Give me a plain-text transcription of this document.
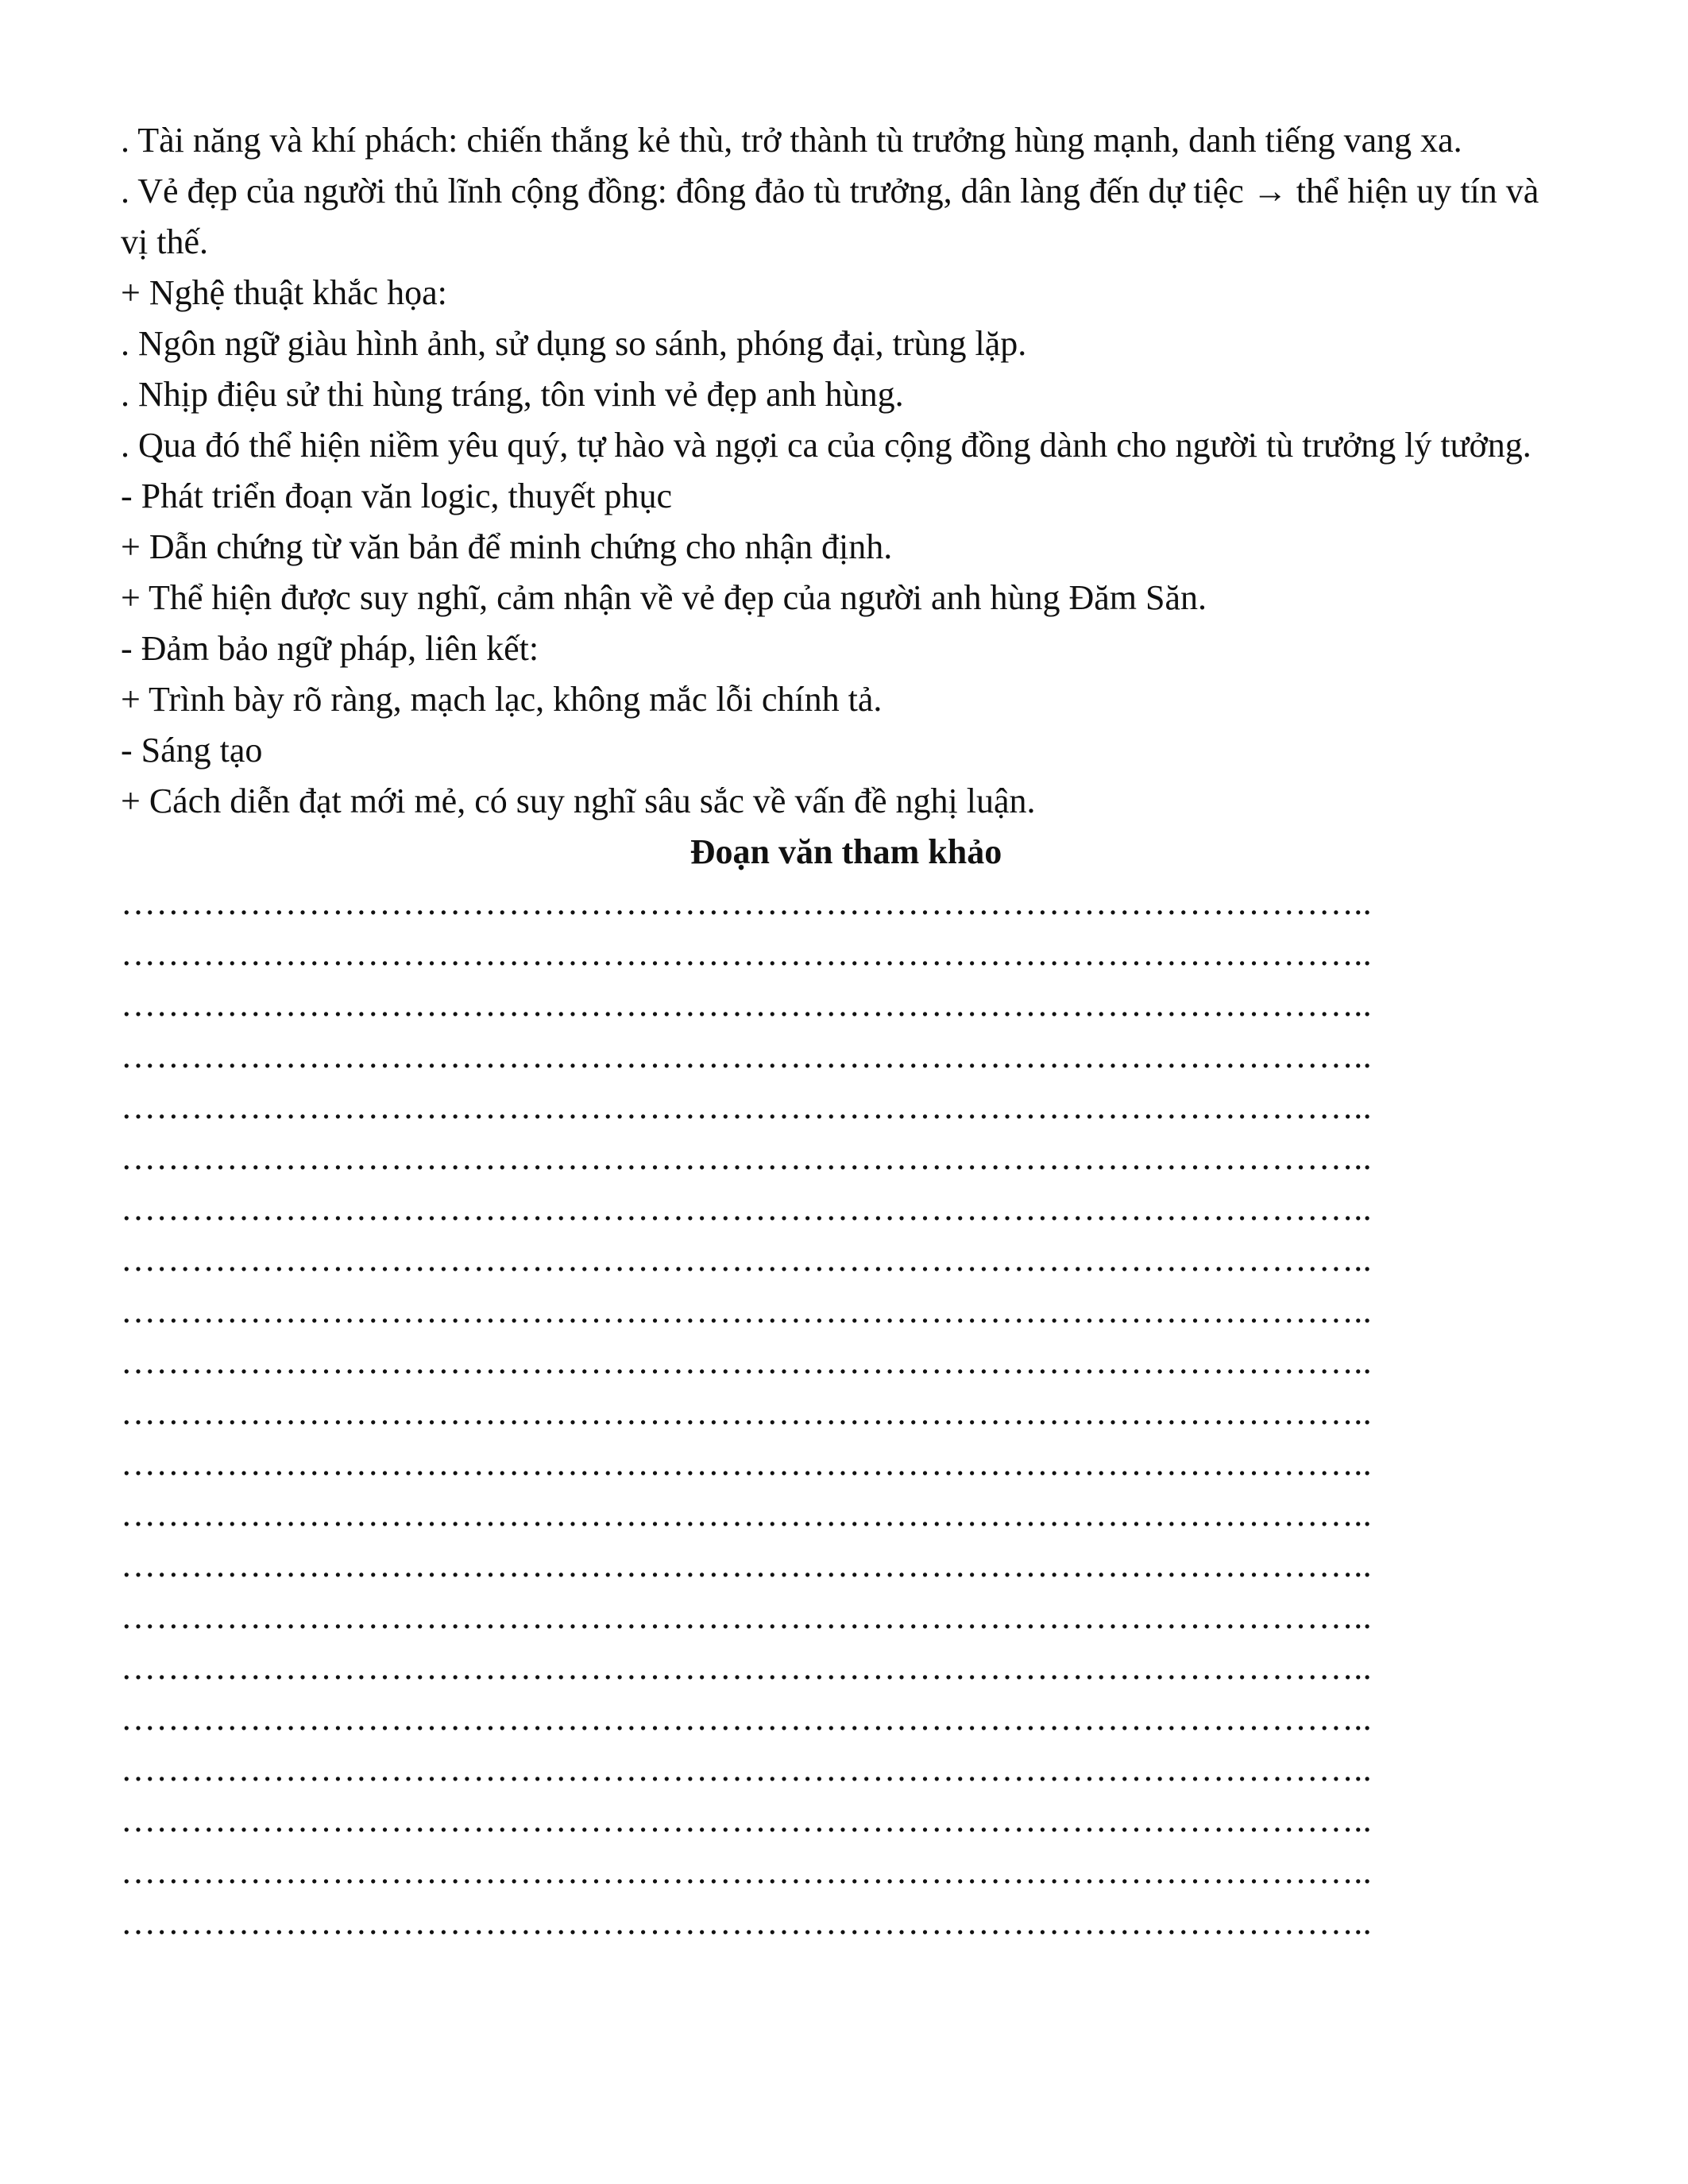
. Tài năng và khí phách: chiến thắng kẻ thù, trở thành tù trưởng hùng mạnh, danh tiếng vang xa.

. Vẻ đẹp của người thủ lĩnh cộng đồng: đông đảo tù trưởng, dân làng đến dự tiệc → thể hiện uy tín và vị thế.

+ Nghệ thuật khắc họa:

. Ngôn ngữ giàu hình ảnh, sử dụng so sánh, phóng đại, trùng lặp.

. Nhịp điệu sử thi hùng tráng, tôn vinh vẻ đẹp anh hùng.

. Qua đó thể hiện niềm yêu quý, tự hào và ngợi ca của cộng đồng dành cho người tù trưởng lý tưởng.

- Phát triển đoạn văn logic, thuyết phục

+ Dẫn chứng từ văn bản để minh chứng cho nhận định.

+ Thể hiện được suy nghĩ, cảm nhận về vẻ đẹp của người anh hùng Đăm Săn.

- Đảm bảo ngữ pháp, liên kết:

+ Trình bày rõ ràng, mạch lạc, không mắc lỗi chính tả.

- Sáng tạo

+ Cách diễn đạt mới mẻ, có suy nghĩ sâu sắc về vấn đề nghị luận.

Đoạn văn tham khảo

……………………………………………………………………………………………..
……………………………………………………………………………………………..
……………………………………………………………………………………………..
……………………………………………………………………………………………..
……………………………………………………………………………………………..
……………………………………………………………………………………………..
……………………………………………………………………………………………..
……………………………………………………………………………………………..
……………………………………………………………………………………………..
……………………………………………………………………………………………..
……………………………………………………………………………………………..
……………………………………………………………………………………………..
……………………………………………………………………………………………..
……………………………………………………………………………………………..
……………………………………………………………………………………………..
……………………………………………………………………………………………..
……………………………………………………………………………………………..
……………………………………………………………………………………………..
……………………………………………………………………………………………..
……………………………………………………………………………………………..
……………………………………………………………………………………………..
